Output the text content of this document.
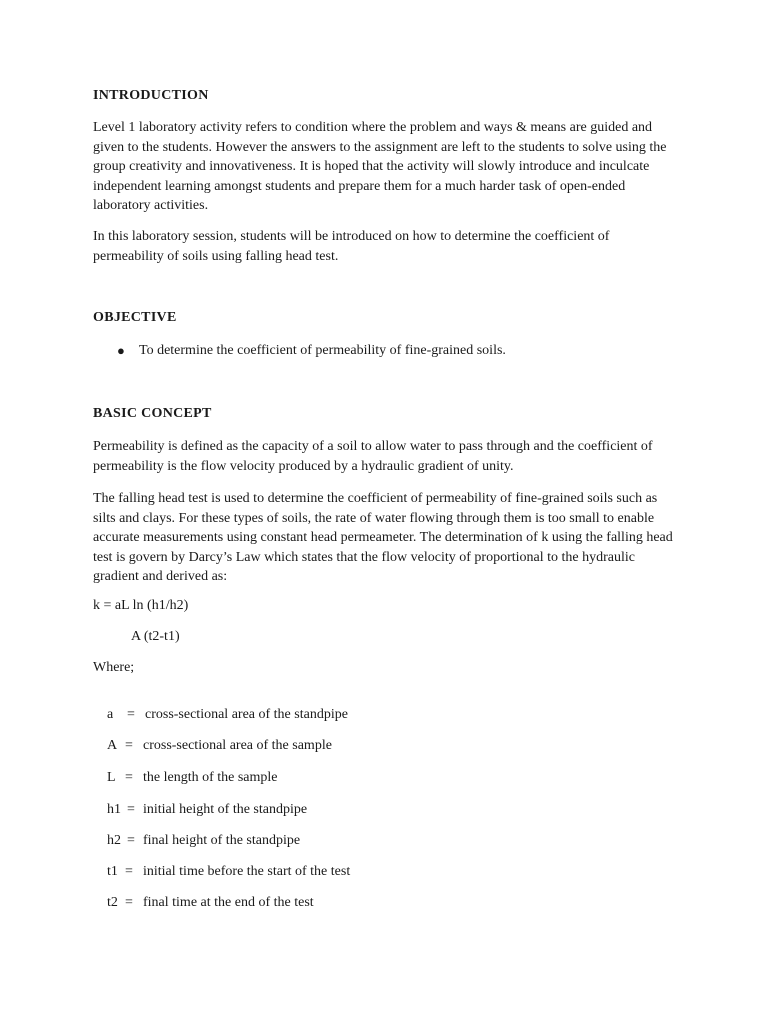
INTRODUCTION

Level 1 laboratory activity refers to condition where the problem and ways & means are guided and given to the students. However the answers to the assignment are left to the students to solve using the group creativity and innovativeness. It is hoped that the activity will slowly introduce and inculcate independent learning amongst students and prepare them for a much harder task of open-ended laboratory activities.

In this laboratory session, students will be introduced on how to determine the coefficient of permeability of soils using falling head test.

OBJECTIVE
● To determine the coefficient of permeability of fine-grained soils.
BASIC CONCEPT

Permeability is defined as the capacity of a soil to allow water to pass through and the coefficient of permeability is the flow velocity produced by a hydraulic gradient of unity.

The falling head test is used to determine the coefficient of permeability of fine-grained soils such as silts and clays. For these types of soils, the rate of water flowing through them is too small to enable accurate measurements using constant head permeameter. The determination of k using the falling head test is govern by Darcy’s Law which states that the flow velocity of proportional to the hydraulic gradient and derived as:

k = aL ln (h1/h2)
A (t2-t1)
Where;

a = cross-sectional area of the standpipe

A = cross-sectional area of the sample

L = the length of the sample

h1 = initial height of the standpipe

h2 = final height of the standpipe

t1 = initial time before the start of the test

t2 = final time at the end of the test
